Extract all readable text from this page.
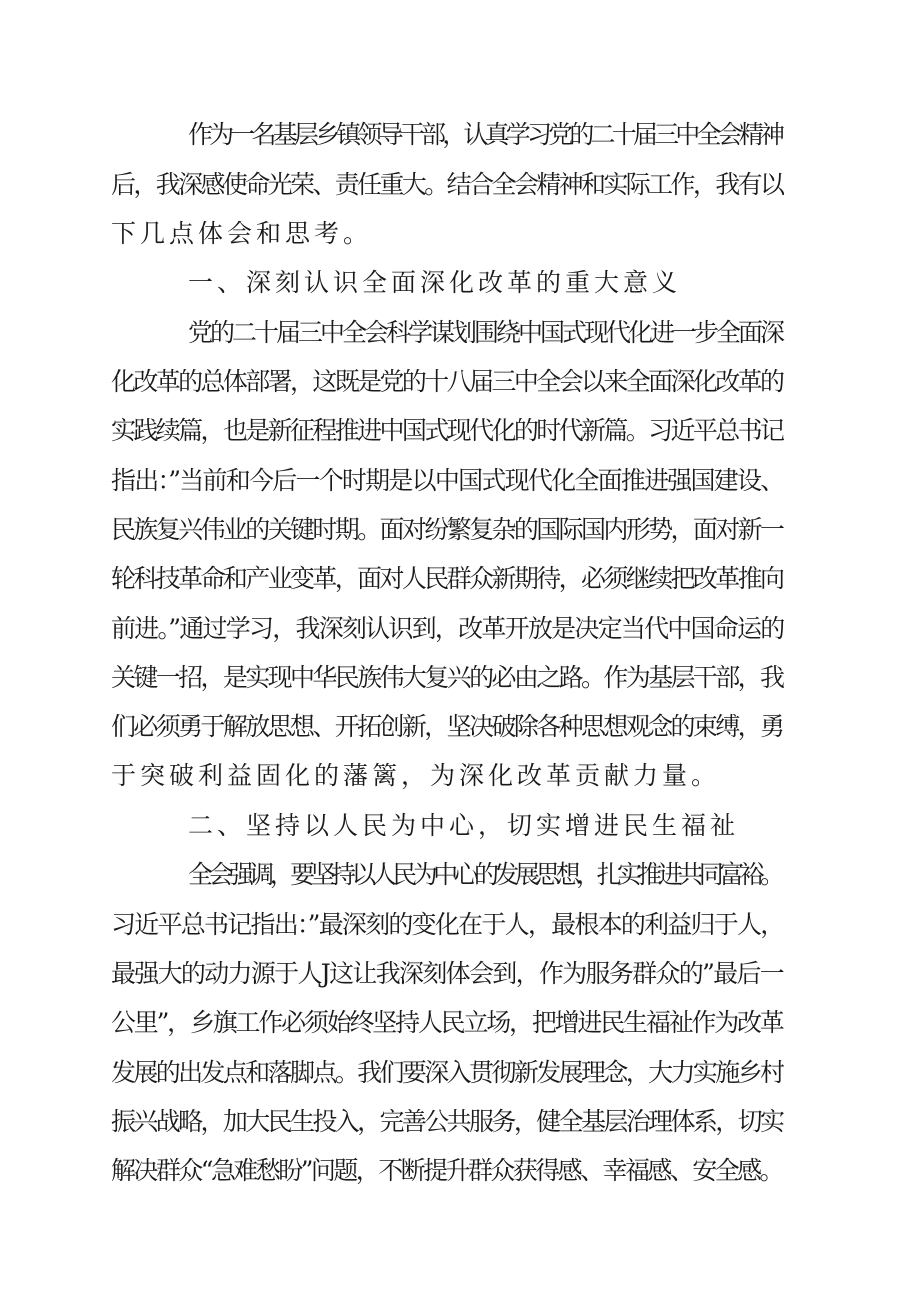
作为一名基层乡镇领导干部，认真学习党的二十届三中全会精神
后，我深感使命光荣、责任重大。结合全会精神和实际工作，我有以
下几点体会和思考。
一、深刻认识全面深化改革的重大意义
党的二十届三中全会科学谋划围绕中国式现代化进一步全面深
化改革的总体部署，这既是党的十八届三中全会以来全面深化改革的
实践续篇，也是新征程推进中国式现代化的时代新篇。习近平总书记
指出：”当前和今后一个时期是以中国式现代化全面推进强国建设、
民族复兴伟业的关键时期。面对纷繁复杂的国际国内形势，面对新一
轮科技革命和产业变革，面对人民群众新期待，必须继续把改革推向
前进。”通过学习，我深刻认识到，改革开放是决定当代中国命运的
关键一招，是实现中华民族伟大复兴的必由之路。作为基层干部，我
们必须勇于解放思想、开拓创新，坚决破除各种思想观念的束缚，勇
于突破利益固化的藩篱，为深化改革贡献力量。
二、坚持以人民为中心，切实增进民生福祉
全会强调，要坚持以人民为中心的发展思想，扎实推进共同富裕。
习近平总书记指出：”最深刻的变化在于人，最根本的利益归于人，
最强大的动力源于人J这让我深刻体会到，作为服务群众的”最后一
公里”，乡旗工作必须始终坚持人民立场，把增进民生福祉作为改革
发展的出发点和落脚点。我们要深入贯彻新发展理念，大力实施乡村
振兴战略，加大民生投入，完善公共服务，健全基层治理体系，切实
解决群众“急难愁盼”问题，不断提升群众获得感、幸福感、安全感。
